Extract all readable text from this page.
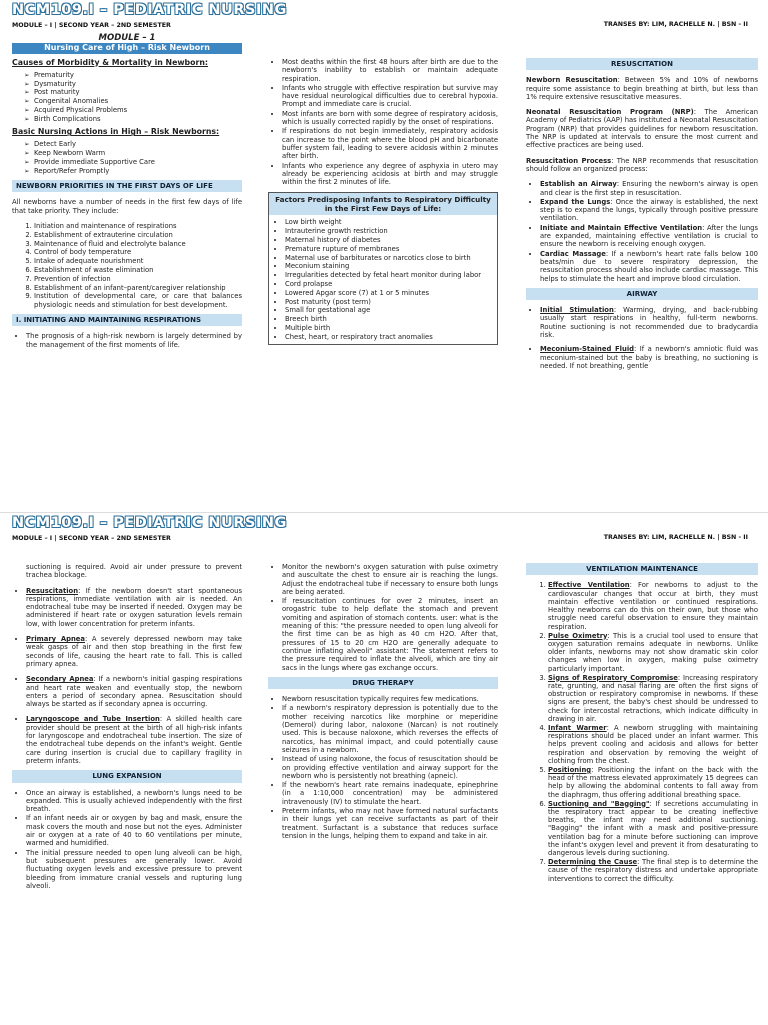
NCM109.I – PEDIATRIC NURSING
MODULE – I | SECOND YEAR – 2ND SEMESTER	TRANSES BY: LIM, RACHELLE N. | BSN - II
MODULE – 1
Nursing Care of High – Risk Newborn
Causes of Morbidity & Mortality in Newborn:
➢ Prematurity
➢ Dysmaturity
➢ Post maturity
➢ Congenital Anomalies
➢ Acquired Physical Problems
➢ Birth Complications
Basic Nursing Actions in High – Risk Newborns:
➢ Detect Early
➢ Keep Newborn Warm
➢ Provide immediate Supportive Care
➢ Report/Refer Promptly
NEWBORN PRIORITIES IN THE FIRST DAYS OF LIFE

All newborns have a number of needs in the first few days of life that take priority. They include:

1. Initiation and maintenance of respirations
2. Establishment of extrauterine circulation
3. Maintenance of fluid and electrolyte balance
4. Control of body temperature
5. Intake of adequate nourishment
6. Establishment of waste elimination
7. Prevention of infection
8. Establishment of an infant–parent/caregiver relationship
9. Institution of developmental care, or care that balances physiologic needs and stimulation for best development.
I. INITIATING AND MAINTAINING RESPIRATIONS
• The prognosis of a high-risk newborn is largely determined by the management of the first moments of life.
• Most deaths within the first 48 hours after birth are due to the newborn's inability to establish or maintain adequate respiration.
• Infants who struggle with effective respiration but survive may have residual neurological difficulties due to cerebral hypoxia. Prompt and immediate care is crucial.
• Most infants are born with some degree of respiratory acidosis, which is usually corrected rapidly by the onset of respirations.
• If respirations do not begin immediately, respiratory acidosis can increase to the point where the blood pH and bicarbonate buffer system fail, leading to severe acidosis within 2 minutes after birth.
• Infants who experience any degree of asphyxia in utero may already be experiencing acidosis at birth and may struggle within the first 2 minutes of life.
Factors Predisposing Infants to Respiratory Difficulty in the First Few Days of Life:
• Low birth weight
• Intrauterine growth restriction
• Maternal history of diabetes
• Premature rupture of membranes
• Maternal use of barbiturates or narcotics close to birth
• Meconium staining
• Irregularities detected by fetal heart monitor during labor
• Cord prolapse
• Lowered Apgar score (7) at 1 or 5 minutes
• Post maturity (post term)
• Small for gestational age
• Breech birth
• Multiple birth
• Chest, heart, or respiratory tract anomalies
RESUSCITATION

Newborn Resuscitation: Between 5% and 10% of newborns require some assistance to begin breathing at birth, but less than 1% require extensive resuscitative measures.

Neonatal Resuscitation Program (NRP): The American Academy of Pediatrics (AAP) has instituted a Neonatal Resuscitation Program (NRP) that provides guidelines for newborn resuscitation. The NRP is updated at intervals to ensure the most current and effective practices are being used.

Resuscitation Process: The NRP recommends that resuscitation should follow an organized process:

• Establish an Airway: Ensuring the newborn's airway is open and clear is the first step in resuscitation.
• Expand the Lungs: Once the airway is established, the next step is to expand the lungs, typically through positive pressure ventilation.
• Initiate and Maintain Effective Ventilation: After the lungs are expanded, maintaining effective ventilation is crucial to ensure the newborn is receiving enough oxygen.
• Cardiac Massage: If a newborn's heart rate falls below 100 beats/min due to severe respiratory depression, the resuscitation process should also include cardiac massage. This helps to stimulate the heart and improve blood circulation.
AIRWAY
• Initial Stimulation: Warming, drying, and back-rubbing usually start respirations in healthy, full-term newborns. Routine suctioning is not recommended due to bradycardia risk.
• Meconium-Stained Fluid: If a newborn's amniotic fluid was meconium-stained but the baby is breathing, no suctioning is needed. If not breathing, gentle
NCM109.I – PEDIATRIC NURSING
MODULE – I | SECOND YEAR – 2ND SEMESTER	TRANSES BY: LIM, RACHELLE N. | BSN - II

suctioning is required. Avoid air under pressure to prevent trachea blockage.

• Resuscitation: If the newborn doesn't start spontaneous respirations, immediate ventilation with air is needed. An endotracheal tube may be inserted if needed. Oxygen may be administered if heart rate or oxygen saturation levels remain low, with lower concentration for preterm infants.
• Primary Apnea: A severely depressed newborn may take weak gasps of air and then stop breathing in the first few seconds of life, causing the heart rate to fall. This is called primary apnea.
• Secondary Apnea: If a newborn's initial gasping respirations and heart rate weaken and eventually stop, the newborn enters a period of secondary apnea. Resuscitation should always be started as if secondary apnea is occurring.
• Laryngoscope and Tube Insertion: A skilled health care provider should be present at the birth of all high-risk infants for laryngoscope and endotracheal tube insertion. The size of the endotracheal tube depends on the infant's weight. Gentle care during insertion is crucial due to capillary fragility in preterm infants.
LUNG EXPANSION
• Once an airway is established, a newborn's lungs need to be expanded. This is usually achieved independently with the first breath.
• If an infant needs air or oxygen by bag and mask, ensure the mask covers the mouth and nose but not the eyes. Administer air or oxygen at a rate of 40 to 60 ventilations per minute, warmed and humidified.
• The initial pressure needed to open lung alveoli can be high, but subsequent pressures are generally lower. Avoid fluctuating oxygen levels and excessive pressure to prevent bleeding from immature cranial vessels and rupturing lung alveoli.
• Monitor the newborn's oxygen saturation with pulse oximetry and auscultate the chest to ensure air is reaching the lungs. Adjust the endotracheal tube if necessary to ensure both lungs are being aerated.
• If resuscitation continues for over 2 minutes, insert an orogastric tube to help deflate the stomach and prevent vomiting and aspiration of stomach contents. user: what is the meaning of this: "the pressure needed to open lung alveoli for the first time can be as high as 40 cm H2O. After that, pressures of 15 to 20 cm H2O are generally adequate to continue inflating alveoli" assistant: The statement refers to the pressure required to inflate the alveoli, which are tiny air sacs in the lungs where gas exchange occurs.
DRUG THERAPY
• Newborn resuscitation typically requires few medications.
• If a newborn's respiratory depression is potentially due to the mother receiving narcotics like morphine or meperidine (Demerol) during labor, naloxone (Narcan) is not routinely used. This is because naloxone, which reverses the effects of narcotics, has minimal impact, and could potentially cause seizures in a newborn.
• Instead of using naloxone, the focus of resuscitation should be on providing effective ventilation and airway support for the newborn who is persistently not breathing (apneic).
• If the newborn's heart rate remains inadequate, epinephrine (in a 1:10,000 concentration) may be administered intravenously (IV) to stimulate the heart.
• Preterm infants, who may not have formed natural surfactants in their lungs yet can receive surfactants as part of their treatment. Surfactant is a substance that reduces surface tension in the lungs, helping them to expand and take in air.
VENTILATION MAINTENANCE
1. Effective Ventilation: For newborns to adjust to the cardiovascular changes that occur at birth, they must maintain effective ventilation or continued respirations. Healthy newborns can do this on their own, but those who struggle need careful observation to ensure they maintain respiration.
2. Pulse Oximetry: This is a crucial tool used to ensure that oxygen saturation remains adequate in newborns. Unlike older infants, newborns may not show dramatic skin color changes when low in oxygen, making pulse oximetry particularly important.
3. Signs of Respiratory Compromise: Increasing respiratory rate, grunting, and nasal flaring are often the first signs of obstruction or respiratory compromise in newborns. If these signs are present, the baby's chest should be undressed to check for intercostal retractions, which indicate difficulty in drawing in air.
4. Infant Warmer: A newborn struggling with maintaining respirations should be placed under an infant warmer. This helps prevent cooling and acidosis and allows for better respiration and observation by removing the weight of clothing from the chest.
5. Positioning: Positioning the infant on the back with the head of the mattress elevated approximately 15 degrees can help by allowing the abdominal contents to fall away from the diaphragm, thus offering additional breathing space.
6. Suctioning and "Bagging": If secretions accumulating in the respiratory tract appear to be creating ineffective breaths, the infant may need additional suctioning. "Bagging" the infant with a mask and positive-pressure ventilation bag for a minute before suctioning can improve the infant's oxygen level and prevent it from desaturating to dangerous levels during suctioning.
7. Determining the Cause: The final step is to determine the cause of the respiratory distress and undertake appropriate interventions to correct the difficulty.
